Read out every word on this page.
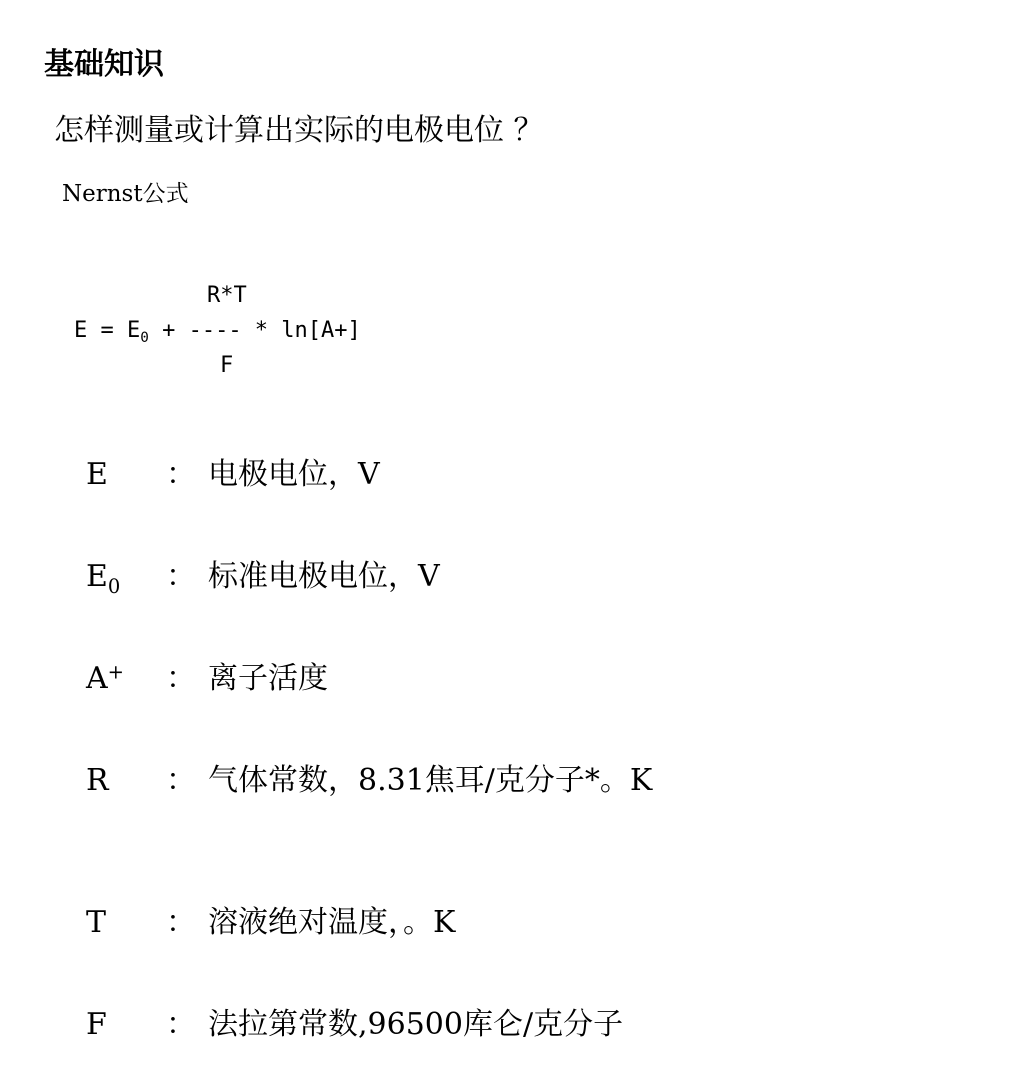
基础知识
怎样测量或计算出实际的电极电位 ？
Nernst公式

R*T

$E = E_0$ + ---- * ln[A+]

F

E	： 电极电位，V

$E_0$	： 标准电极电位，V

A+	： 离子活度

R	： 气体常数，8.31焦耳/克分子*。K

T	： 溶液绝对温度，。K

F	： 法拉第常数,96500库仑/克分子
